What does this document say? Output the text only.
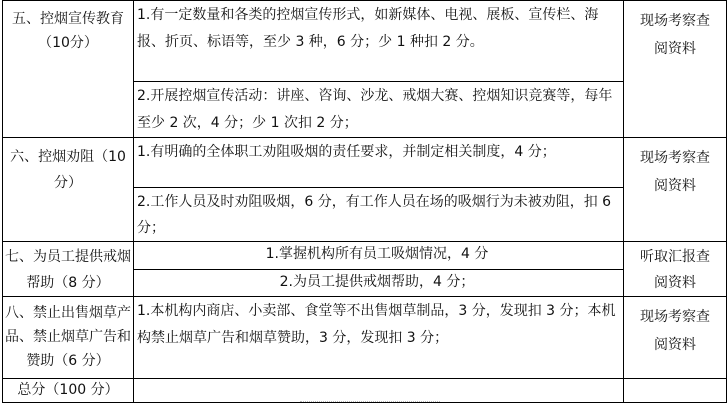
五、控烟宣传教育（10分）	1.有一定数量和各类的控烟宣传形式，如新媒体、电视、展板、宣传栏、海报、折页、标语等，至少 3 种，6 分；少 1 种扣 2 分。	现场考察查阅资料

	2.开展控烟宣传活动：讲座、咨询、沙龙、戒烟大赛、控烟知识竞赛等，每年至少 2 次，4 分；少 1 次扣 2 分；	

六、控烟劝阻（10 分）	1.有明确的全体职工劝阻吸烟的责任要求，并制定相关制度，4 分；	现场考察查阅资料

	2.工作人员及时劝阻吸烟，6 分，有工作人员在场的吸烟行为未被劝阻，扣 6 分；	

七、为员工提供戒烟帮助（8 分）	1.掌握机构所有员工吸烟情况，4 分	听取汇报查阅资料

	2.为员工提供戒烟帮助，4 分；	

八、禁止出售烟草产品、禁止烟草广告和赞助（6 分）	1.本机构内商店、小卖部、食堂等不出售烟草制品，3 分，发现扣 3 分；本机构禁止烟草广告和烟草赞助，3 分，发现扣 3 分；	现场考察查阅资料

总分（100 分）		
